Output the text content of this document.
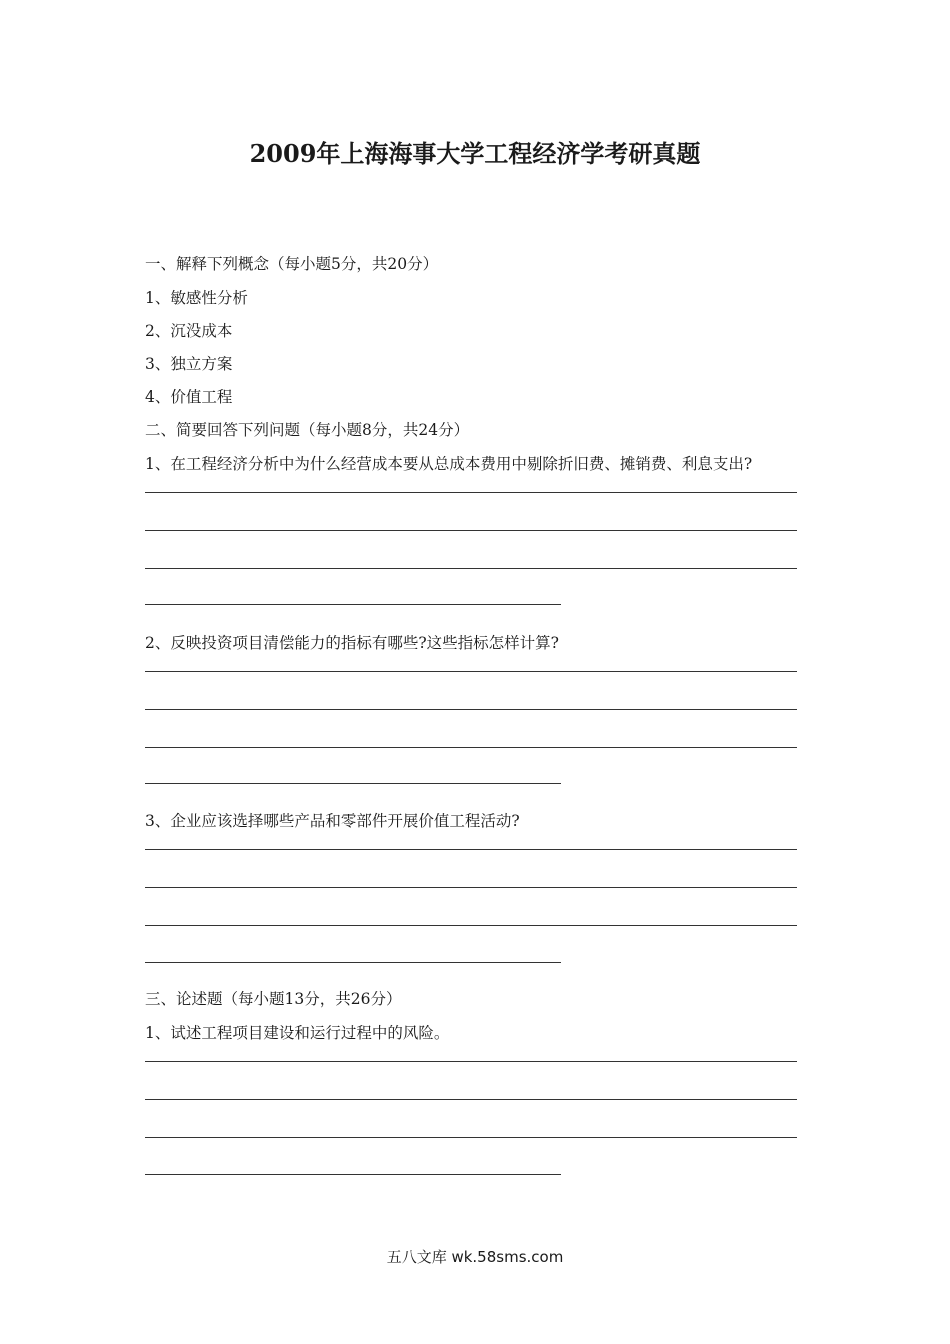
2009年上海海事大学工程经济学考研真题

一、解释下列概念（每小题5分，共20分）

1、敏感性分析

2、沉没成本

3、独立方案

4、价值工程

二、简要回答下列问题（每小题8分，共24分）

1、在工程经济分析中为什么经营成本要从总成本费用中剔除折旧费、摊销费、利息支出?

2、反映投资项目清偿能力的指标有哪些?这些指标怎样计算?

3、企业应该选择哪些产品和零部件开展价值工程活动?

三、论述题（每小题13分，共26分）

1、试述工程项目建设和运行过程中的风险。

五八文库 wk.58sms.com
